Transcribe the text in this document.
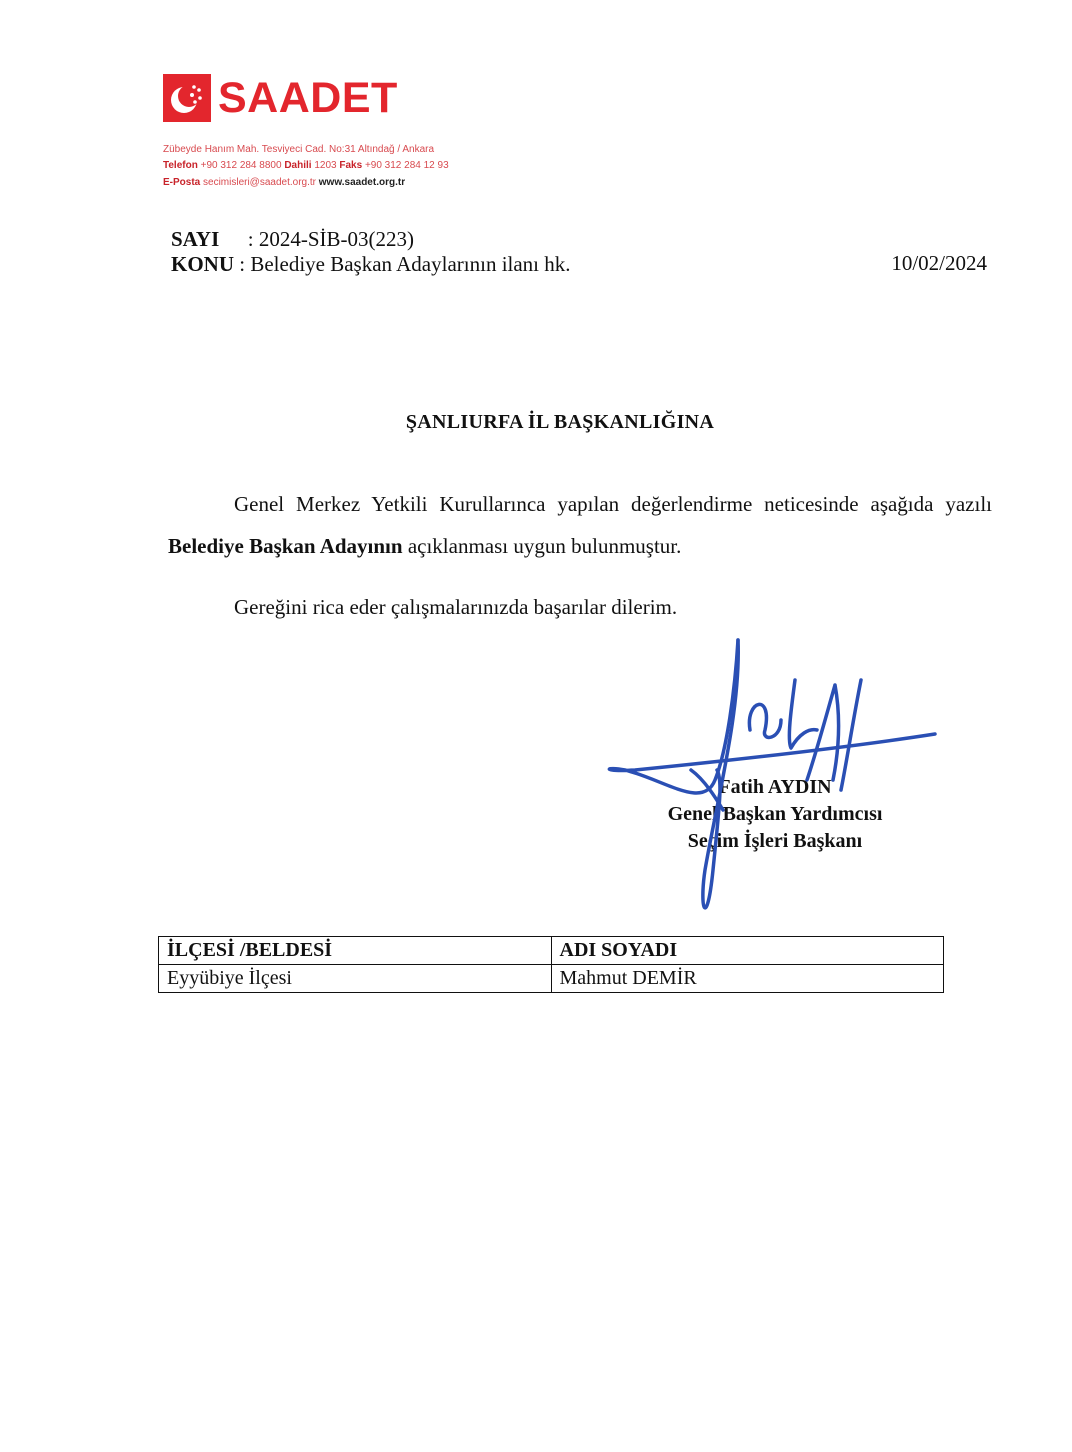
SAADET
Zübeyde Hanım Mah. Tesviyeci Cad. No:31 Altındağ / Ankara
Telefon +90 312 284 8800 Dahili 1203 Faks +90 312 284 12 93
E-Posta secimisleri@saadet.org.tr www.saadet.org.tr
SAYI : 2024-SİB-03(223)
KONU : Belediye Başkan Adaylarının ilanı hk.	10/02/2024
ŞANLIURFA İL BAŞKANLIĞINA
Genel Merkez Yetkili Kurullarınca yapılan değerlendirme neticesinde aşağıda yazılı Belediye Başkan Adayının açıklanması uygun bulunmuştur.
Gereğini rica eder çalışmalarınızda başarılar dilerim.
Fatih AYDIN
Genel Başkan Yardımcısı
Seçim İşleri Başkanı
İLÇESİ /BELDESİ	ADI SOYADI
Eyyübiye İlçesi	Mahmut DEMİR
